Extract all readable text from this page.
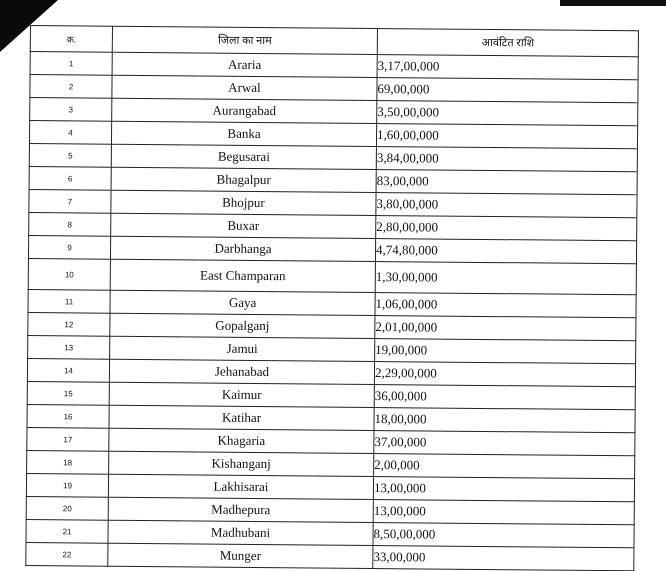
क्र.	जिला का नाम	आवंटित राशि
1	Araria	3,17,00,000
2	Arwal	69,00,000
3	Aurangabad	3,50,00,000
4	Banka	1,60,00,000
5	Begusarai	3,84,00,000
6	Bhagalpur	83,00,000
7	Bhojpur	3,80,00,000
8	Buxar	2,80,00,000
9	Darbhanga	4,74,80,000
10	East Champaran	1,30,00,000
11	Gaya	1,06,00,000
12	Gopalganj	2,01,00,000
13	Jamui	19,00,000
14	Jehanabad	2,29,00,000
15	Kaimur	36,00,000
16	Katihar	18,00,000
17	Khagaria	37,00,000
18	Kishanganj	2,00,000
19	Lakhisarai	13,00,000
20	Madhepura	13,00,000
21	Madhubani	8,50,00,000
22	Munger	33,00,000
